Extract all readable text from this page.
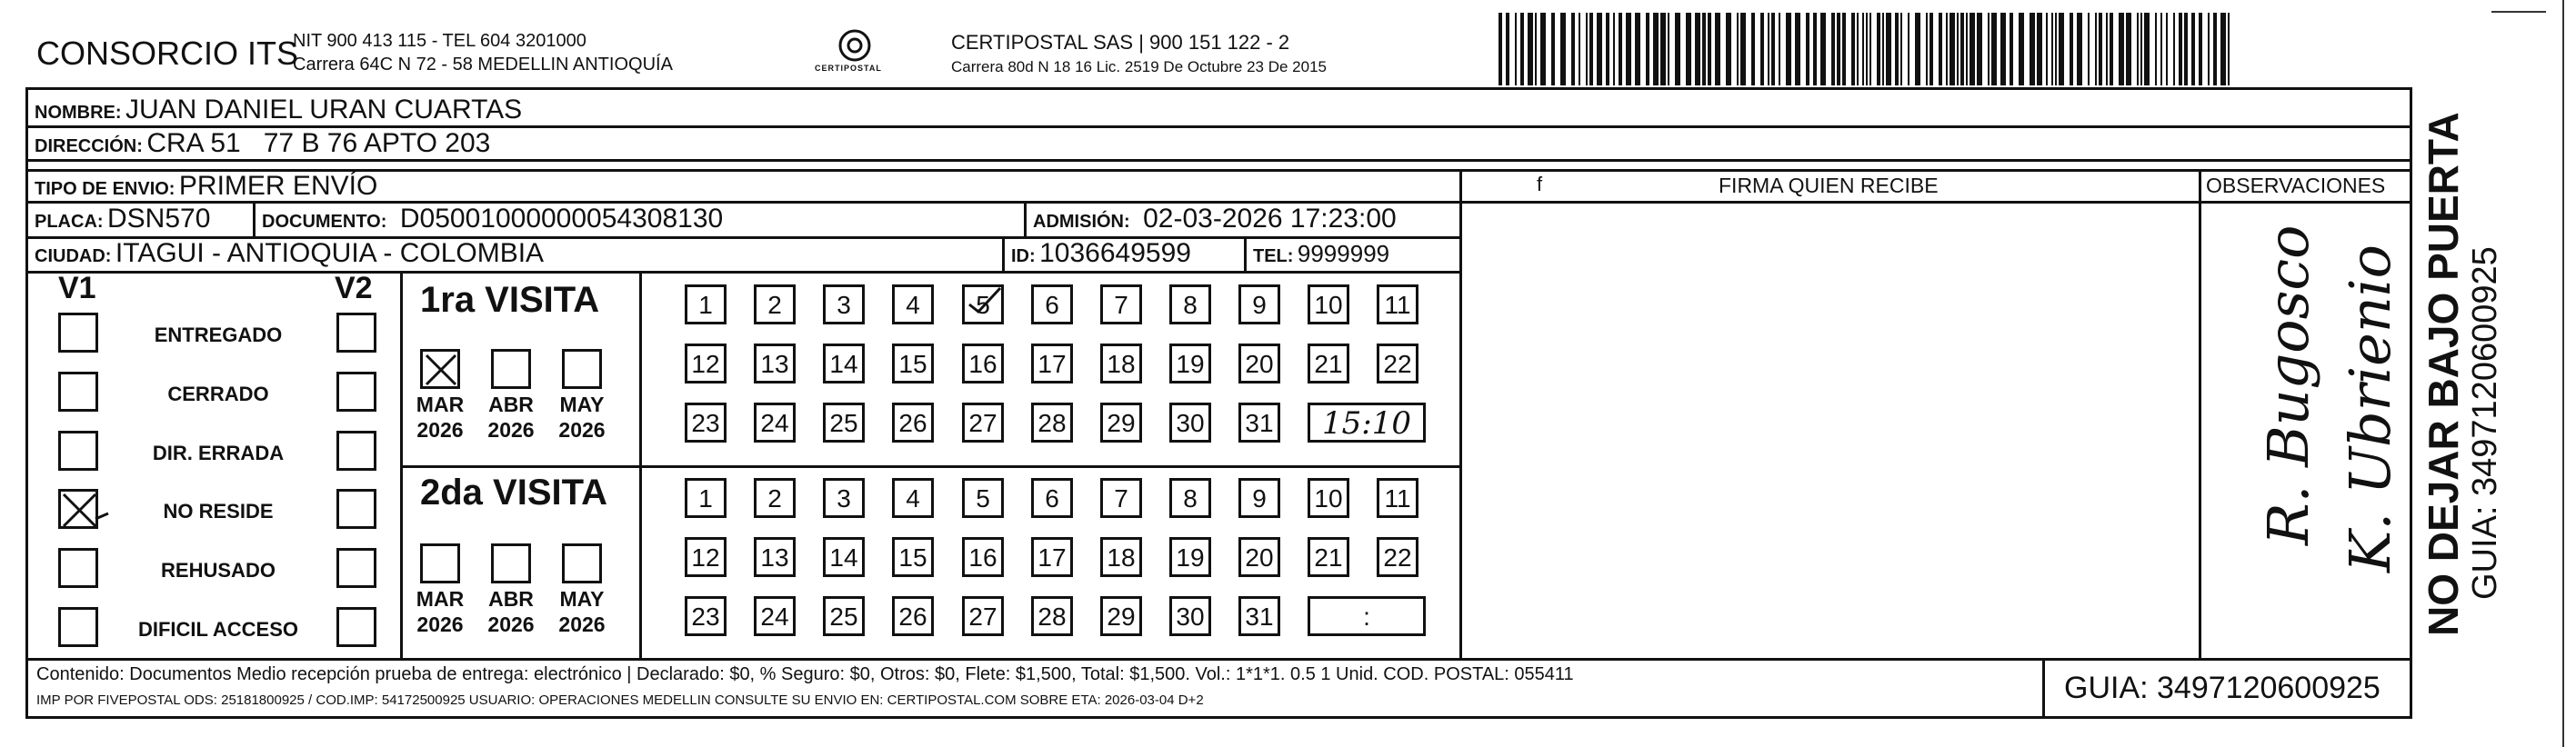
CONSORCIO ITS
NIT 900 413 115 - TEL 604 3201000
Carrera 64C N 72 - 58 MEDELLIN ANTIOQUÍA	CERTIPOSTAL
CERTIPOSTAL SAS | 900 151 122 - 2
Carrera 80d N 18 16 Lic. 2519 De Octubre 23 De 2015
NOMBRE: JUAN DANIEL URAN CUARTAS
DIRECCIÓN: CRA 51   77 B 76 APTO 203
TIPO DE ENVIO: PRIMER ENVÍO
PLACA: DSN570	DOCUMENTO: D05001000000054308130	ADMISIÓN: 02-03-2026 17:23:00
CIUDAD: ITAGUI - ANTIOQUIA - COLOMBIA	ID: 1036649599	TEL: 9999999
f	FIRMA QUIEN RECIBE	OBSERVACIONES
V1	V2
ENTREGADO
CERRADO
DIR. ERRADA
NO RESIDE
REHUSADO
DIFICIL ACCESO
1ra VISITA
2da VISITA
MAR
2026
ABR
2026
MAY
2026
MAR
2026
ABR
2026
MAY
2026
1	2	3	4	5	6	7	8	9	10	11
12 13 14 15 16 17 18 19 20 21 22
23 24 25 26 27 28 29 30 31	15:10
1	2	3	4	5	6	7	8	9	10	11
12 13 14 15 16 17 18 19 20 21 22
23 24 25 26 27 28 29 30 31	:
R. Bugosco K. Ubrienio
Contenido: Documentos Medio recepción prueba de entrega: electrónico | Declarado: $0, % Seguro: $0, Otros: $0, Flete: $1,500, Total: $1,500. Vol.: 1*1*1. 0.5 1 Unid. COD. POSTAL: 055411
IMP POR FIVEPOSTAL ODS: 25181800925 / COD.IMP: 54172500925 USUARIO: OPERACIONES MEDELLIN CONSULTE SU ENVIO EN: CERTIPOSTAL.COM SOBRE ETA: 2026-03-04 D+2	GUIA: 3497120600925
NO DEJAR BAJO PUERTA GUIA: 3497120600925
